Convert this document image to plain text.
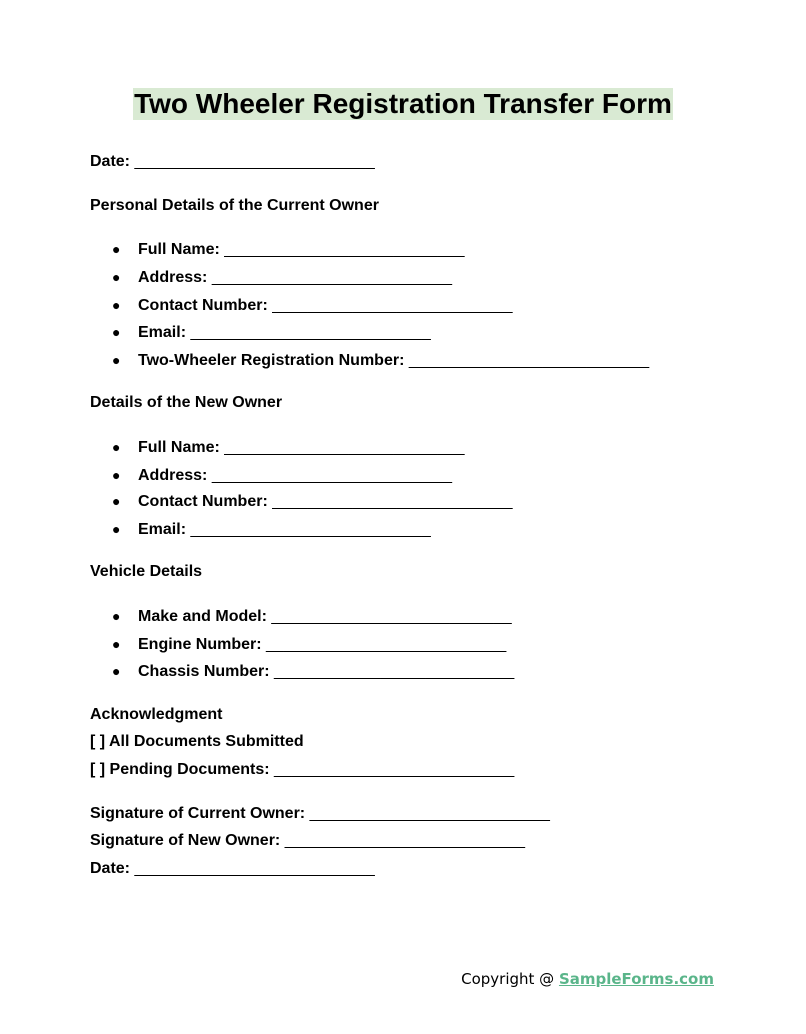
Two Wheeler Registration Transfer Form
Date: ___________________________
Personal Details of the Current Owner
● Full Name: ___________________________
● Address: ___________________________
● Contact Number: ___________________________
● Email: ___________________________
● Two-Wheeler Registration Number: ___________________________
Details of the New Owner
● Full Name: ___________________________
● Address: ___________________________
● Contact Number: ___________________________
● Email: ___________________________
Vehicle Details
● Make and Model: ___________________________
● Engine Number: ___________________________
● Chassis Number: ___________________________
Acknowledgment
[ ] All Documents Submitted
[ ] Pending Documents: ___________________________
Signature of Current Owner: ___________________________
Signature of New Owner: ___________________________
Date: ___________________________
Copyright @ SampleForms.com
